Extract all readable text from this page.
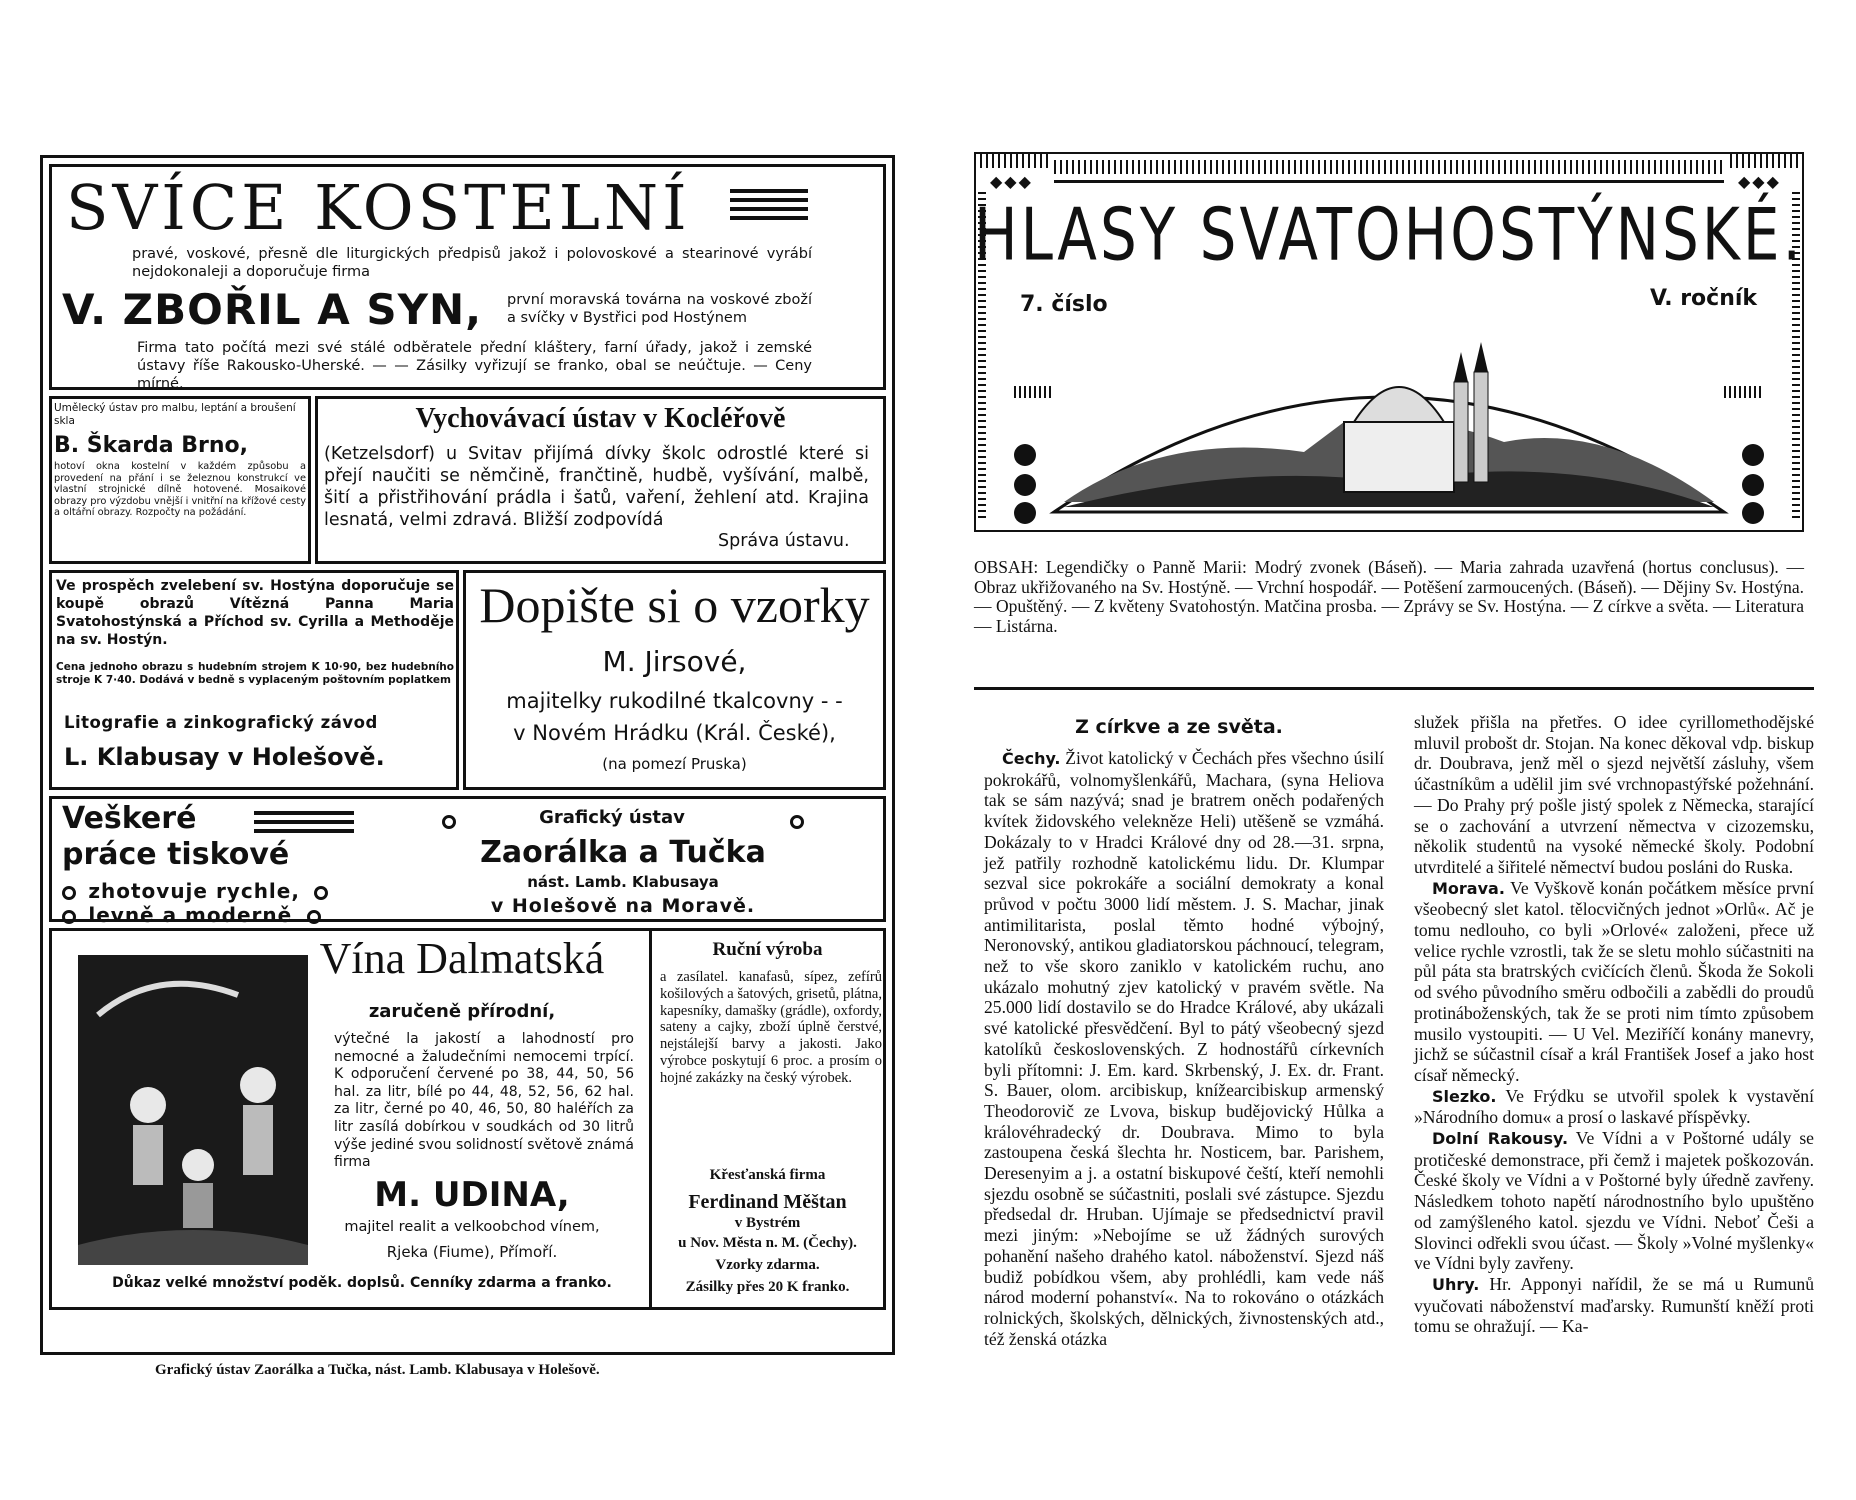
SVÍCE KOSTELNÍ

pravé, voskové, přesně dle liturgických předpisů jakož i polovoskové a stearinové vyrábí nejdokonaleji a doporučuje firma

V. ZBOŘIL A SYN, první moravská továrna na voskové zboží a svíčky v Bystřici pod Hostýnem

Firma tato počítá mezi své stálé odběratele přední kláštery, farní úřady, jakož i zemské ústavy říše Rakousko-Uherské. — — Zásilky vyřizují se franko, obal se neúčtuje. — Ceny mírné.

Umělecký ústav pro malbu, leptání a broušení skla

B. Škarda Brno,

hotoví okna kostelní v každém způsobu a provedení na přání i se železnou konstrukcí ve vlastní strojnické dílně hotovené. Mosaikové obrazy pro výzdobu vnější i vnitřní na křížové cesty a oltářní obrazy. Rozpočty na požádání.

Vychovávací ústav v Kocléřově

(Ketzelsdorf) u Svitav přijímá dívky školc odrostlé které si přejí naučiti se němčině, frančtině, hudbě, vyšívání, malbě, šití a přistřihování prádla i šatů, vaření, žehlení atd. Krajina lesnatá, velmi zdravá. Bližší zodpovídá

Správa ústavu.

Ve prospěch zvelebení sv. Hostýna doporučuje se koupě obrazů Vítězná Panna Maria Svatohostýnská a Příchod sv. Cyrilla a Methoděje na sv. Hostýn.

Cena jednoho obrazu s hudebním strojem K 10·90, bez hudebního stroje K 7·40. Dodává v bedně s vyplaceným poštovním poplatkem

Litografie a zinkografický závod
L. Klabusay v Holešově.
Dopište si o vzorky
M. Jirsové,
majitelky rukodilné tkalcovny - -
v Novém Hrádku (Král. České),
(na pomezí Pruska)
Veškeré
práce tiskové
zhotovuje rychle,
levně a moderně
Grafický ústav
Zaorálka a Tučka
nást. Lamb. Klabusaya
v Holešově na Moravě.
Vína Dalmatská
zaručeně přírodní,

výtečné la jakostí a lahodností pro nemocné a žaludečními nemocemi trpící. K odporučení červené po 38, 44, 50, 56 hal. za litr, bílé po 44, 48, 52, 56, 62 hal. za litr, černé po 40, 46, 50, 80 haléřích za litr zasílá dobírkou v soudkách od 30 litrů výše jediné svou solidností světově známá firma

M. UDINA,
majitel realit a velkoobchod vínem,
Rjeka (Fiume), Přímoří.
Důkaz velké množství poděk. doplsů. Cenníky zdarma a franko.
Ruční výroba

a zasílatel. kanafasů, sípez, zefírů košilových a šatových, grisetů, plátna, kapesníky, damašky (grádle), oxfordy, sateny a cajky, zboží úplně čerstvé, nejstálejší barvy a jakosti. Jako výrobce poskytují 6 proc. a prosím o hojné zakázky na český výrobek.

Křesťanská firma
Ferdinand Měštan
v Bystrém
u Nov. Města n. M. (Čechy).
Vzorky zdarma.
Zásilky přes 20 K franko.
Grafický ústav Zaorálka a Tučka, nást. Lamb. Klabusaya v Holešově.
◆◆◆	◆◆◆
HLASY SVATOHOSTÝNSKÉ.
7. číslo	V. ročník

OBSAH: Legendičky o Panně Marii: Modrý zvonek (Báseň). — Maria zahrada uzavřená (hortus conclusus). — Obraz ukřižovaného na Sv. Hostýně. — Vrchní hospodář. — Potěšení zarmoucených. (Báseň). — Dějiny Sv. Hostýna. — Opuštěný. — Z květeny Svatohostýn. Matčina prosba. — Zprávy se Sv. Hostýna. — Z církve a světa. — Literatura — Listárna.

Z církve a ze světa.

Čechy. Život katolický v Čechách přes všechno úsilí pokrokářů, volnomyšlenkářů, Machara, (syna Heliova tak se sám nazývá; snad je bratrem oněch podařených kvítek židovského velekněze Heli) utěšeně se vzmáhá. Dokázaly to v Hradci Králové dny od 28.—31. srpna, jež patřily rozhodně katolickému lidu. Dr. Klumpar sezval sice pokrokáře a sociální demokraty a konal průvod v počtu 3000 lidí městem. J. S. Machar, jinak antimilitarista, poslal těmto hodné výbojný, Neronovský, antikou gladiatorskou páchnoucí, telegram, než to vše skoro zaniklo v katolickém ruchu, ano ukázalo mohutný zjev katolický v pravém světle. Na 25.000 lidí dostavilo se do Hradce Králové, aby ukázali své katolické přesvědčení. Byl to pátý všeobecný sjezd katolíků československých. Z hodnostářů církevních byli přítomni: J. Em. kard. Skrbenský, J. Ex. dr. Frant. S. Bauer, olom. arcibiskup, knížearcibiskup armenský Theodorovič ze Lvova, biskup budějovický Hůlka a královéhradecký dr. Doubrava. Mimo to byla zastoupena česká šlechta hr. Nosticem, bar. Parishem, Deresenyim a j. a ostatní biskupové čeští, kteří nemohli sjezdu osobně se súčastniti, poslali své zástupce. Sjezdu předsedal dr. Hruban. Ujímaje se předsednictví pravil mezi jiným: »Nebojíme se už žádných surových pohanění našeho drahého katol. náboženství. Sjezd náš budiž pobídkou všem, aby prohlédli, kam vede náš národ moderní pohanství«. Na to rokováno o otázkách rolnických, školských, dělnických, živnostenských atd., též ženská otázka

služek přišla na přetřes. O idee cyrillomethodějské mluvil probošt dr. Stojan. Na konec děkoval vdp. biskup dr. Doubrava, jenž měl o sjezd největší zásluhy, všem účastníkům a udělil jim své vrchnopastýřské požehnání. — Do Prahy prý pošle jistý spolek z Německa, starající se o zachování a utvrzení němectva v cizozemsku, několik studentů na vysoké německé školy. Podobní utvrditelé a šiřitelé němectví budou posláni do Ruska.

Morava. Ve Vyškově konán počátkem měsíce první všeobecný slet katol. tělocvičných jednot »Orlů«. Ač je tomu nedlouho, co byli »Orlové« založeni, přece už velice rychle vzrostli, tak že se sletu mohlo súčastniti na půl páta sta bratrských cvičících členů. Škoda že Sokoli od svého původního směru odbočili a zabědli do proudů protináboženských, tak že se proti nim tímto způsobem musilo vystoupiti. — U Vel. Meziříčí konány manevry, jichž se súčastnil císař a král František Josef a jako host císař německý.

Slezko. Ve Frýdku se utvořil spolek k vystavění »Národního domu« a prosí o laskavé příspěvky.

Dolní Rakousy. Ve Vídni a v Poštorné udály se protičeské demonstrace, při čemž i majetek poškozován. České školy ve Vídni a v Poštorné byly úředně zavřeny. Následkem tohoto napětí národnostního bylo upuštěno od zamýšleného katol. sjezdu ve Vídni. Neboť Češi a Slovinci odřekli svou účast. — Školy »Volné myšlenky« ve Vídni byly zavřeny.

Uhry. Hr. Apponyi nařídil, že se má u Rumunů vyučovati náboženství maďarsky. Rumunští kněží proti tomu se ohražují. — Ka-
